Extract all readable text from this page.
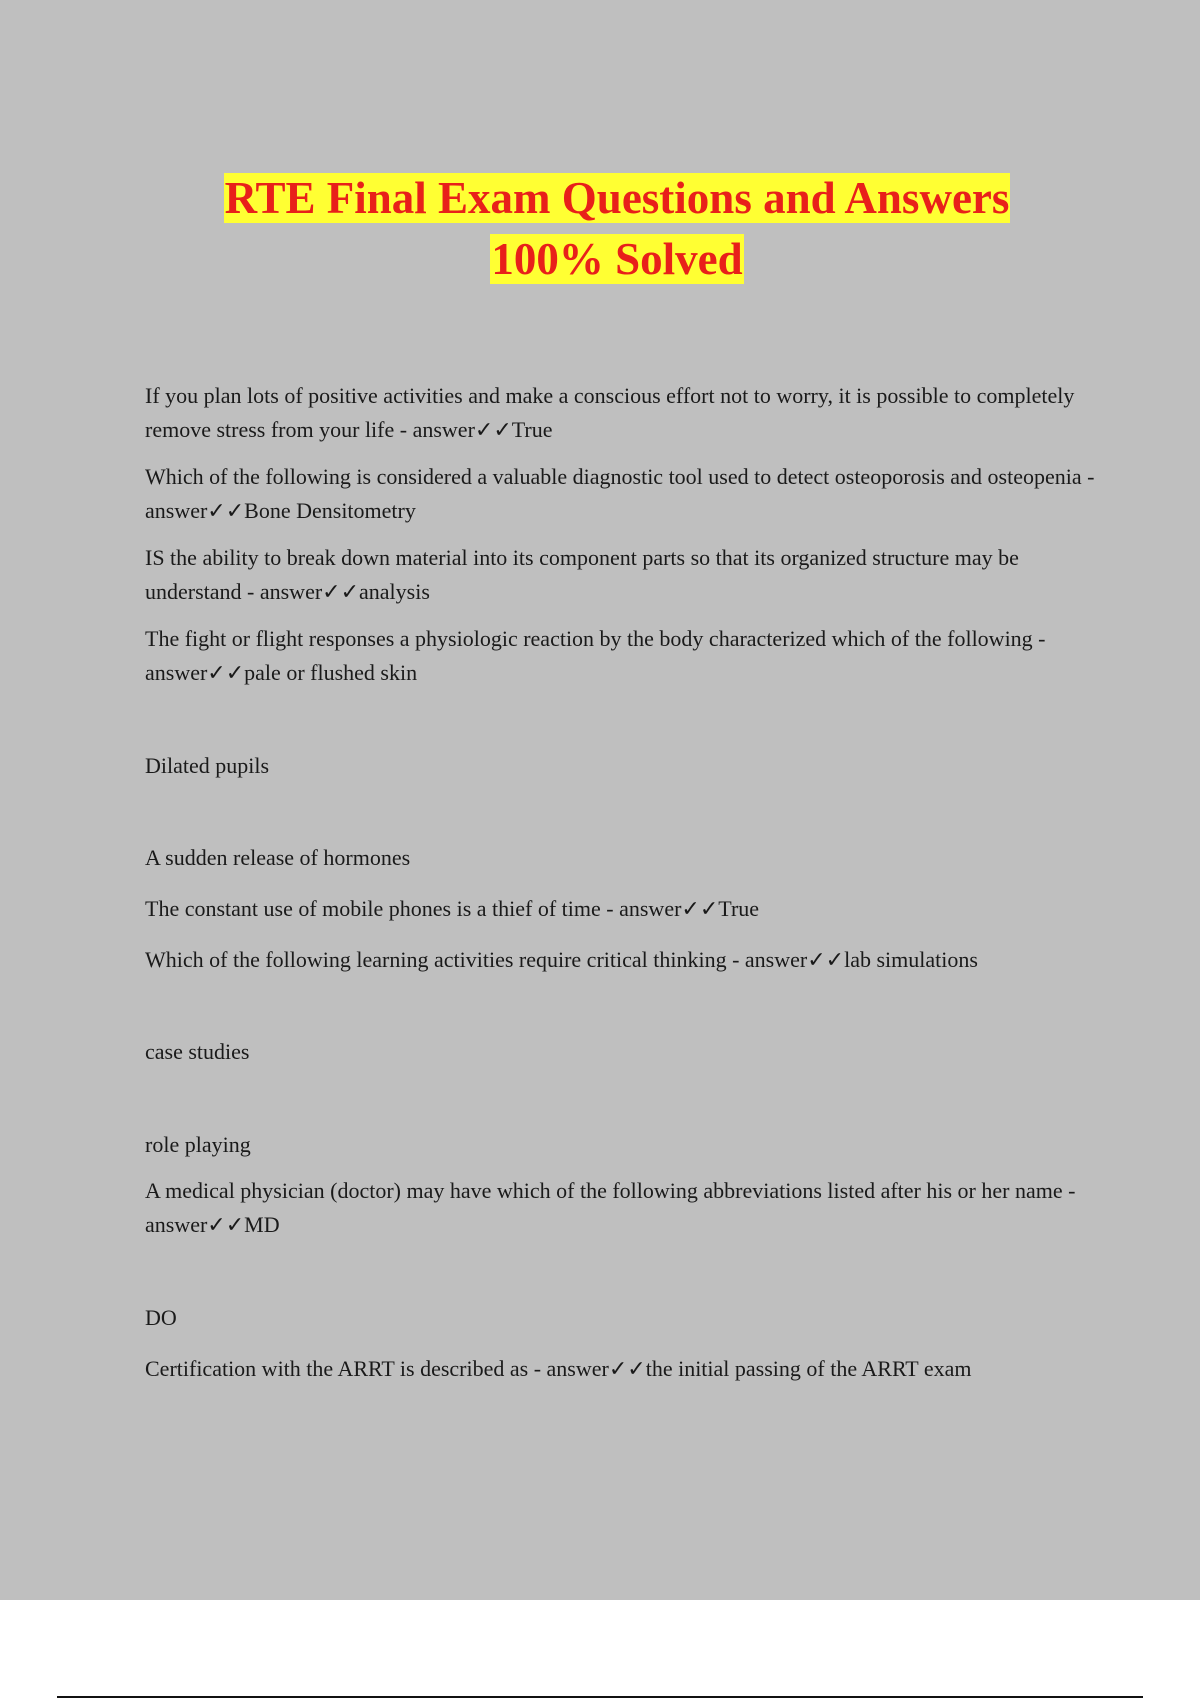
RTE Final Exam Questions and Answers
100% Solved

If you plan lots of positive activities and make a conscious effort not to worry, it is possible to completely remove stress from your life - answer✓✓True

Which of the following is considered a valuable diagnostic tool used to detect osteoporosis and osteopenia - answer✓✓Bone Densitometry

IS the ability to break down material into its component parts so that its organized structure may be understand - answer✓✓analysis

The fight or flight responses a physiologic reaction by the body characterized which of the following - answer✓✓pale or flushed skin

Dilated pupils

A sudden release of hormones

The constant use of mobile phones is a thief of time - answer✓✓True

Which of the following learning activities require critical thinking - answer✓✓lab simulations

case studies

role playing

A medical physician (doctor) may have which of the following abbreviations listed after his or her name - answer✓✓MD

DO

Certification with the ARRT is described as - answer✓✓the initial passing of the ARRT exam
